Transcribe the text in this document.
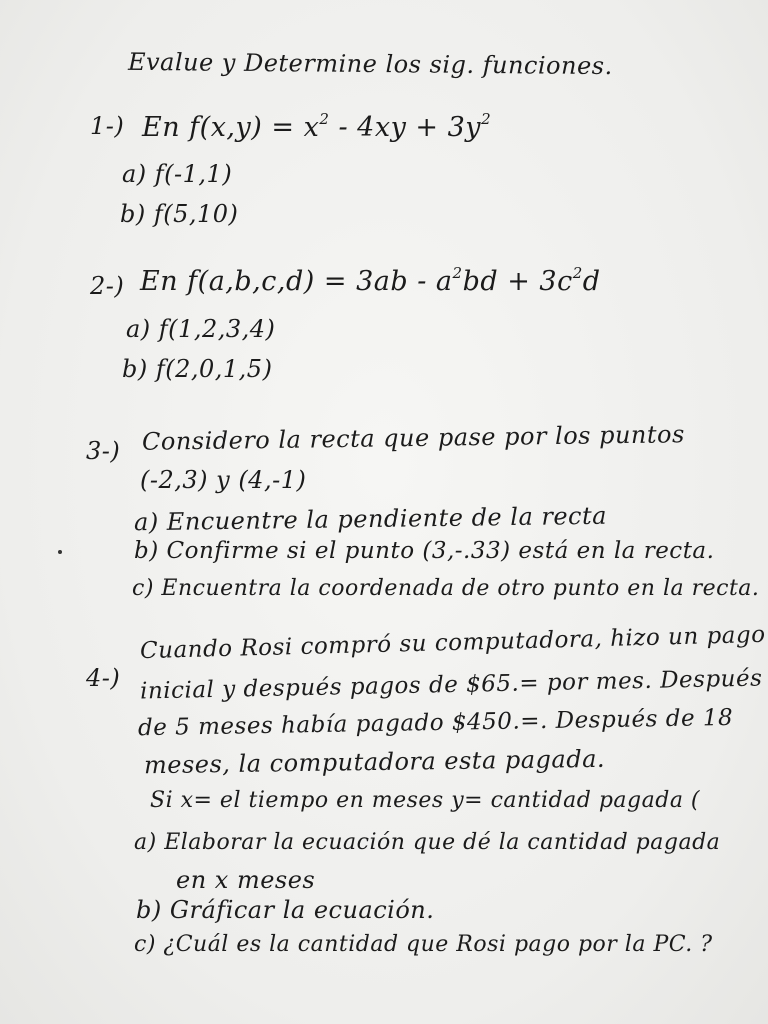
Evalue y Determine los sig. funciones.
1-) En $f(x,y) = x^2 - 4xy + 3y^2$
a) f(-1,1)
b) f(5,10)
2-) En $f(a,b,c,d) = 3ab - a^2bd + 3c^2d$
a) f(1,2,3,4)
b) f(2,0,1,5)
3-) Considero la recta que pase por los puntos
(-2,3) y (4,-1)
a) Encuentre la pendiente de la recta
b) Confirme si el punto (3,-.33) está en la recta.
c) Encuentra la coordenada de otro punto en la recta.
4-)
Cuando Rosi compró su computadora, hizo un pago
inicial y después pagos de $65.= por mes. Después
de 5 meses había pagado $450.=. Después de 18
meses, la computadora esta pagada.
Si x= el tiempo en meses y= cantidad pagada (
a) Elaborar la ecuación que dé la cantidad pagada
en x meses
b) Gráficar la ecuación.
c) ¿Cuál es la cantidad que Rosi pago por la PC. ?
